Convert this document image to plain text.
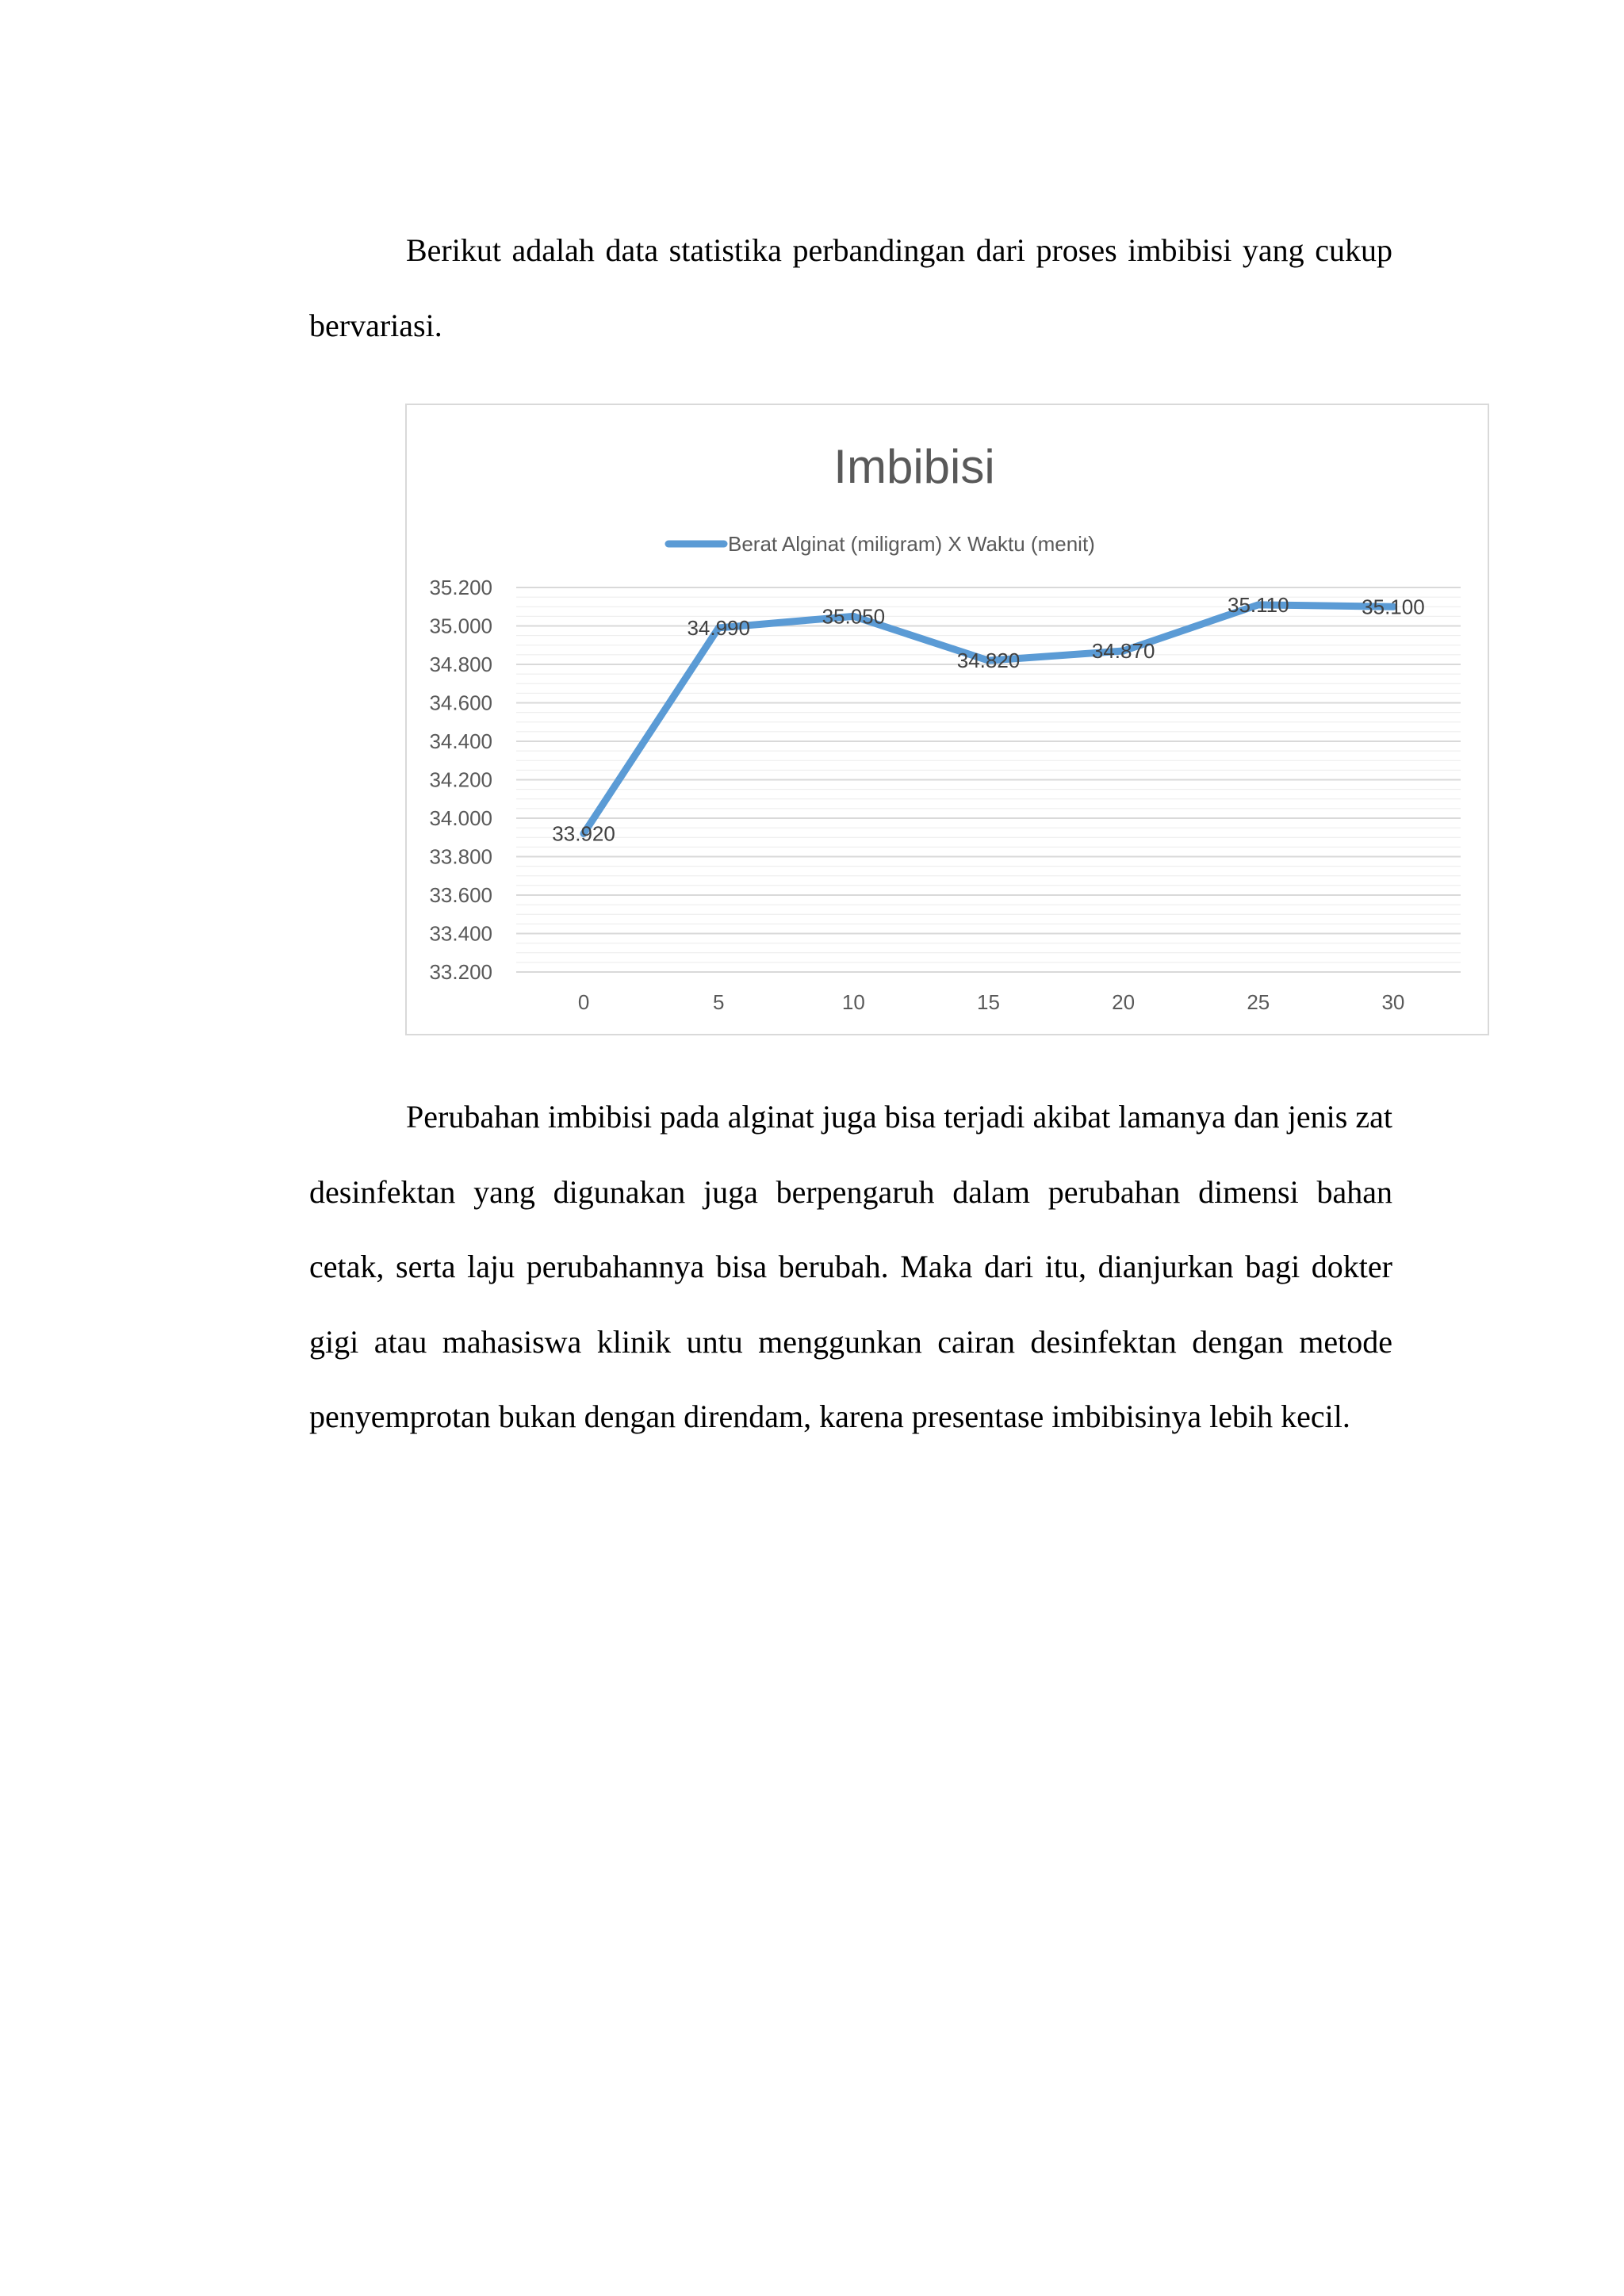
Berikut adalah data statistika perbandingan dari proses imbibisi yang cukup bervariasi.

Imbibisi
Berat Alginat (miligram) X Waktu (menit)
35.200
35.000
34.800
34.600
34.400
34.200
34.000
33.800
33.600
33.400
33.200
0	5	10	15	20	25	30
33.920
34.990	35.050
34.820	34.870
35.110	35.100

Perubahan imbibisi pada alginat juga bisa terjadi akibat lamanya dan jenis zat desinfektan yang digunakan juga berpengaruh dalam perubahan dimensi bahan cetak, serta laju perubahannya bisa berubah. Maka dari itu, dianjurkan bagi dokter gigi atau mahasiswa klinik untu menggunkan cairan desinfektan dengan metode penyemprotan bukan dengan direndam, karena presentase imbibisinya lebih kecil.
